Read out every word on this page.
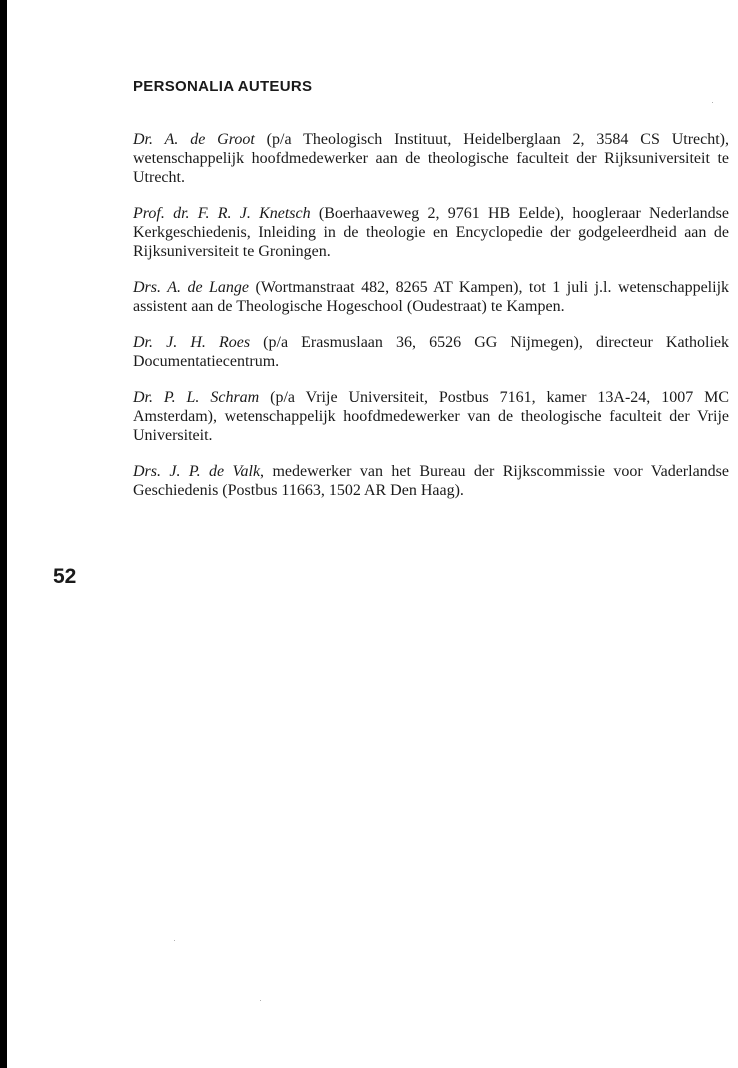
PERSONALIA AUTEURS

Dr. A. de Groot (p/a Theologisch Instituut, Heidelberglaan 2, 3584 CS Utrecht), wetenschappelijk hoofdmedewerker aan de theologische faculteit der Rijksuniversiteit te Utrecht.

Prof. dr. F. R. J. Knetsch (Boerhaaveweg 2, 9761 HB Eelde), hoogleraar Nederlandse Kerkgeschiedenis, Inleiding in de theologie en Encyclopedie der godgeleerdheid aan de Rijksuniversiteit te Groningen.

Drs. A. de Lange (Wortmanstraat 482, 8265 AT Kampen), tot 1 juli j.l. wetenschappelijk assistent aan de Theologische Hogeschool (Oudestraat) te Kampen.

Dr. J. H. Roes (p/a Erasmuslaan 36, 6526 GG Nijmegen), directeur Katholiek Documentatiecentrum.

Dr. P. L. Schram (p/a Vrije Universiteit, Postbus 7161, kamer 13A-24, 1007 MC Amsterdam), wetenschappelijk hoofdmedewerker van de theologische faculteit der Vrije Universiteit.

Drs. J. P. de Valk, medewerker van het Bureau der Rijkscommissie voor Vaderlandse Geschiedenis (Postbus 11663, 1502 AR Den Haag).

52
